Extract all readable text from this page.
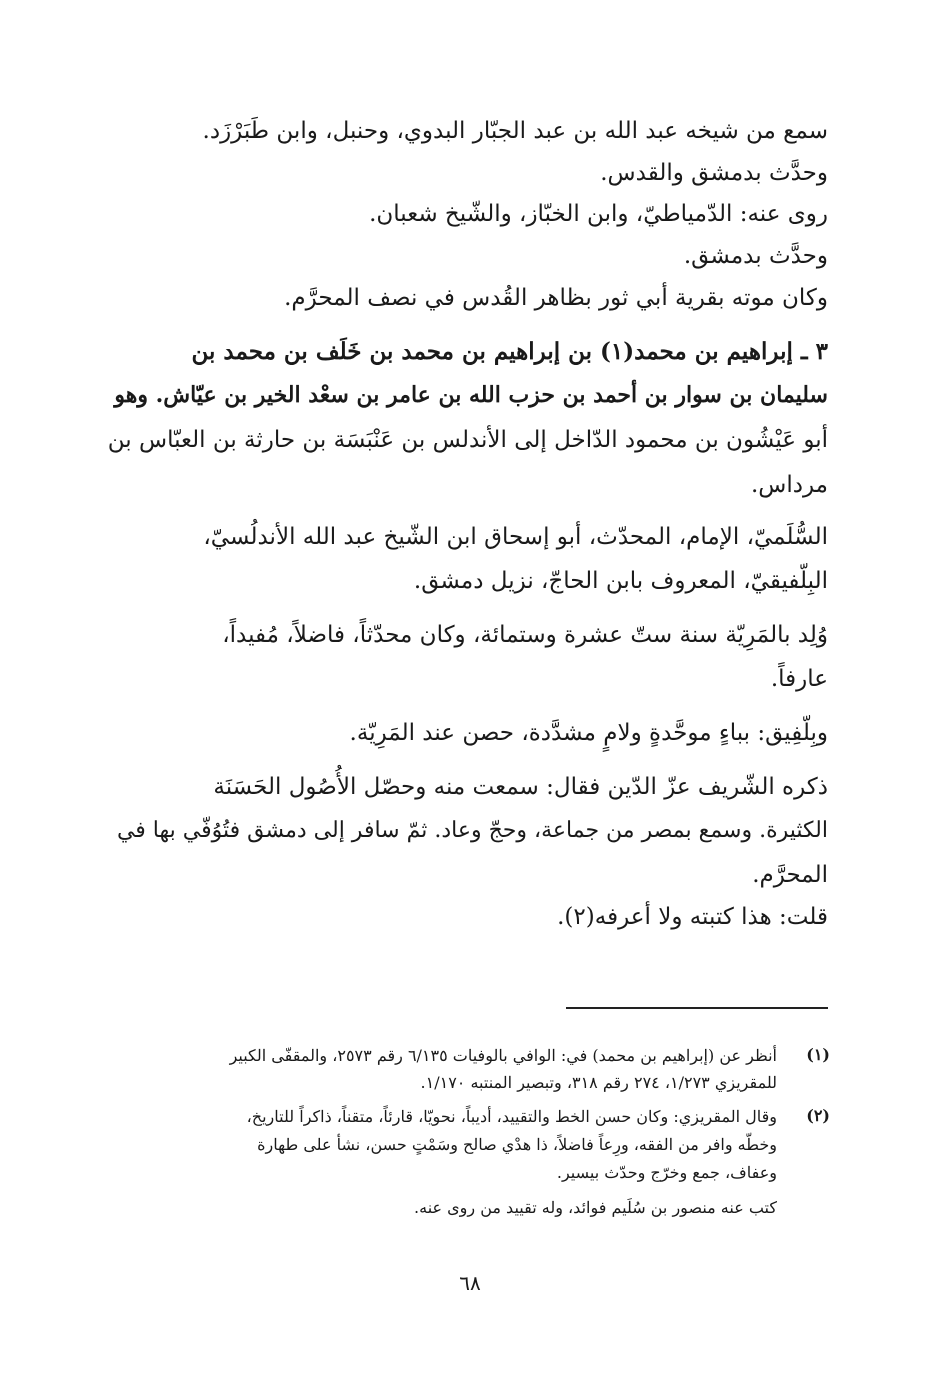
سمع من شيخه عبد الله بن عبد الجبّار البدوي، وحنبل، وابن طَبَرْزَد.
وحدَّث بدمشق والقدس.
روى عنه: الدّمياطيّ، وابن الخبّاز، والشّيخ شعبان.
وحدَّث بدمشق.
وكان موته بقرية أبي ثور بظاهر القُدس في نصف المحرَّم.
٣ ـ إبراهيم بن محمد(١) بن إبراهيم بن محمد بن خَلَف بن محمد بن
سليمان بن سوار بن أحمد بن حزب الله بن عامر بن سعْد الخير بن عيّاش. وهو
أبو عَيْشُون بن محمود الدّاخل إلى الأندلس بن عَنْبَسَة بن حارثة بن العبّاس بن
مرداس.
السُّلَميّ، الإمام، المحدّث، أبو إسحاق ابن الشّيخ عبد الله الأندلُسيّ،
البِلّفيقيّ، المعروف بابن الحاجّ، نزيل دمشق.
وُلِد بالمَرِيّة سنة ستّ عشرة وستمائة، وكان محدّثاً، فاضلاً، مُفيداً،
عارفاً.
وبِلّفِيق: بباءٍ موحَّدةٍ ولامٍ مشدَّدة، حصن عند المَرِيّة.
ذكره الشّريف عزّ الدّين فقال: سمعت منه وحصّل الأُصُول الحَسَنَة
الكثيرة. وسمع بمصر من جماعة، وحجّ وعاد. ثمّ سافر إلى دمشق فتُوُفّي بها في
المحرَّم.
قلت: هذا كتبته ولا أعرفه(٢).
(١)
أنظر عن (إبراهيم بن محمد) في: الوافي بالوفيات ٦/١٣٥ رقم ٢٥٧٣، والمقفّى الكبير
للمقريزي ١/٢٧٣، ٢٧٤ رقم ٣١٨، وتبصير المنتبه ١/١٧٠.
(٢)
وقال المقريزي: وكان حسن الخط والتقييد، أديباً، نحويّا، قارئاً، متقناً، ذاكراً للتاريخ،
وخطّه وافر من الفقه، ورِعاً فاضلاً، ذا هدْي صالح وسَمْتٍ حسن، نشأ على طهارة
وعفاف، جمع وخرّج وحدّث بيسير.
كتب عنه منصور بن سُلَيم فوائد، وله تقييد من روى عنه.
٦٨
